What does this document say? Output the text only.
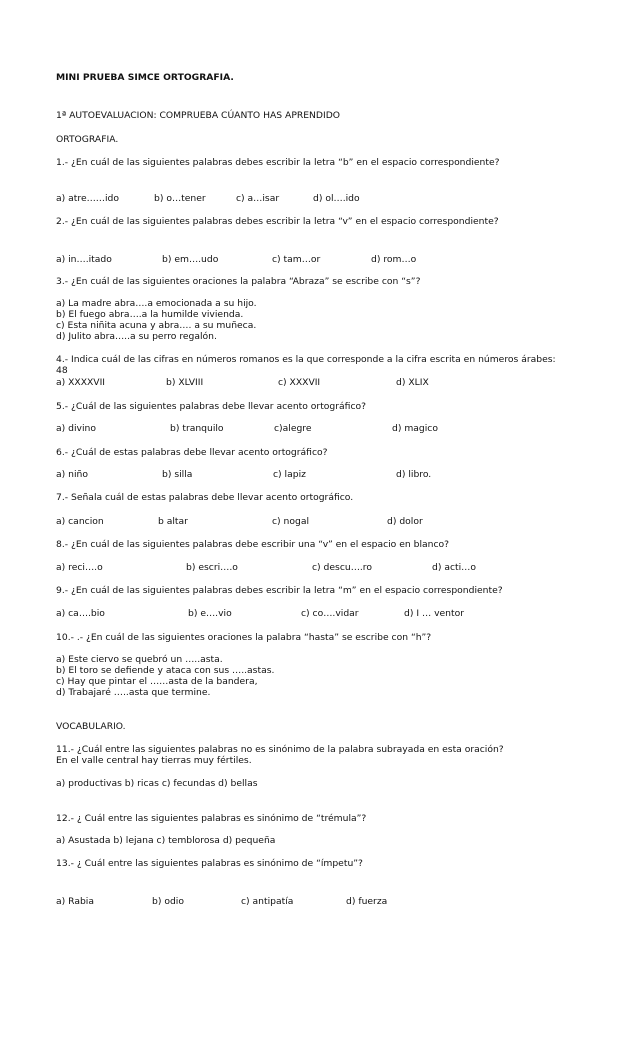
MINI PRUEBA SIMCE ORTOGRAFIA.

1ª AUTOEVALUACION: COMPRUEBA CÚANTO HAS APRENDIDO

ORTOGRAFIA.

1.- ¿En cuál de las siguientes palabras debes escribir la letra “b” en el espacio correspondiente?

a) atre……ido	b) o…tener	c) a…isar	d) ol….ido

2.- ¿En cuál de las siguientes palabras debes escribir la letra “v” en el espacio correspondiente?

a) in….itado	b) em….udo	c) tam…or	d) rom…o

3.- ¿En cuál de las siguientes oraciones la palabra “Abraza” se escribe con “s”?

a) La madre abra….a emocionada a su hijo.
b) El fuego abra….a la humilde vivienda.
c) Esta niñita acuna y abra…. a su muñeca.
d) Julito abra…..a su perro regalón.

4.- Indica cuál de las cifras en números romanos es la que corresponde a la cifra escrita en números árabes:

48

a) XXXXVII	b) XLVIII	c) XXXVII	d) XLIX

5.- ¿Cuál de las siguientes palabras debe llevar acento ortográfico?

a) divino	b) tranquilo	c)alegre	d) magico

6.- ¿Cuál de estas palabras debe llevar acento ortográfico?

a) niño	b) silla	c) lapiz	d) libro.

7.- Señala cuál de estas palabras debe llevar acento ortográfico.

a) cancion	b altar	c) nogal	d) dolor

8.- ¿En cuál de las siguientes palabras debe escribir una “v” en el espacio en blanco?

a) reci….o	b) escri….o	c) descu….ro	d) acti…o

9.- ¿En cuál de las siguientes palabras debes escribir la letra “m” en el espacio correspondiente?

a) ca….bio	b) e….vio	c) co….vidar	d) I … ventor

10.- .- ¿En cuál de las siguientes oraciones la palabra “hasta” se escribe con “h”?

a) Este ciervo se quebró un …..asta.
b) El toro se defiende y ataca con sus …..astas.
c) Hay que pintar el ……asta de la bandera,
d) Trabajaré …..asta que termine.

VOCABULARIO.

11.- ¿Cuál entre las siguientes palabras no es sinónimo de la palabra subrayada en esta oración?

En el valle central hay tierras muy fértiles.

a) productivas b) ricas c) fecundas d) bellas

12.- ¿ Cuál entre las siguientes palabras es sinónimo de “trémula”?

a) Asustada b) lejana c) temblorosa d) pequeña

13.- ¿ Cuál entre las siguientes palabras es sinónimo de “ímpetu”?

a) Rabia	b) odio	c) antipatía	d) fuerza
